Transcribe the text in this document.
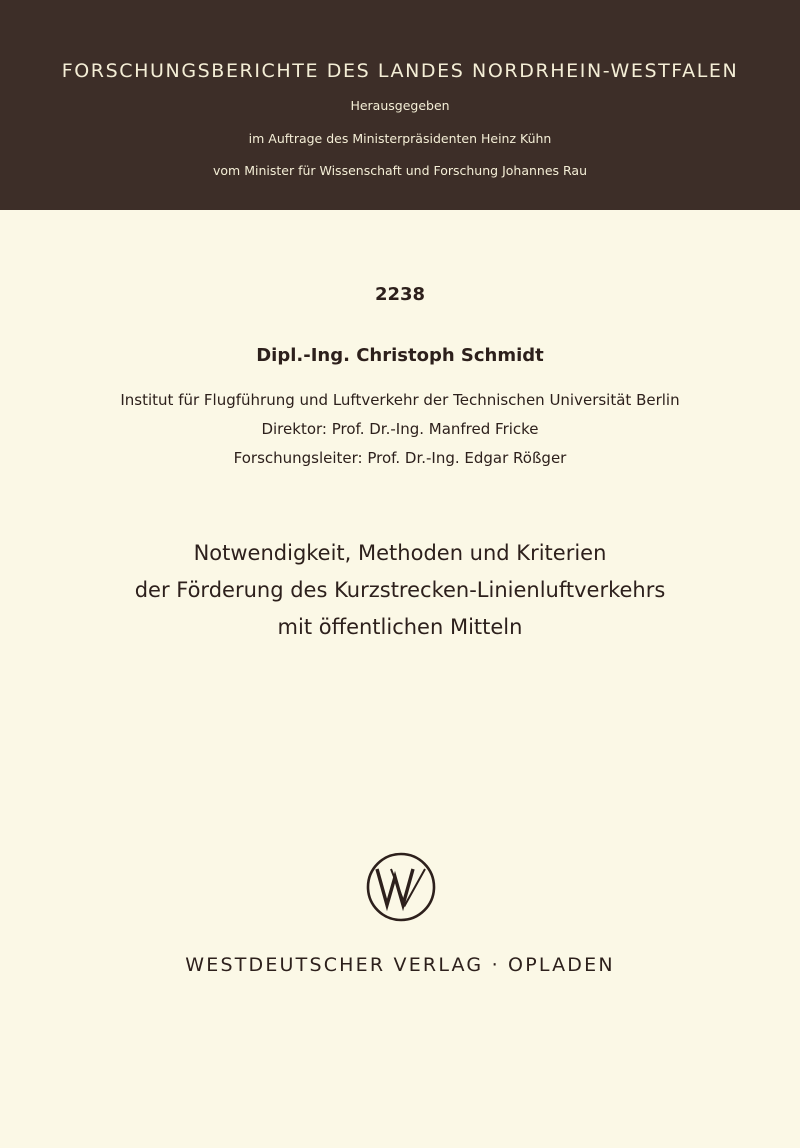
FORSCHUNGSBERICHTE DES LANDES NORDRHEIN-WESTFALEN
Herausgegeben
im Auftrage des Ministerpräsidenten Heinz Kühn
vom Minister für Wissenschaft und Forschung Johannes Rau
2238
Dipl.-Ing. Christoph Schmidt
Institut für Flugführung und Luftverkehr der Technischen Universität Berlin
Direktor: Prof. Dr.-Ing. Manfred Fricke
Forschungsleiter: Prof. Dr.-Ing. Edgar Rößger
Notwendigkeit, Methoden und Kriterien
der Förderung des Kurzstrecken-Linienluftverkehrs
mit öffentlichen Mitteln
WESTDEUTSCHER VERLAG · OPLADEN
